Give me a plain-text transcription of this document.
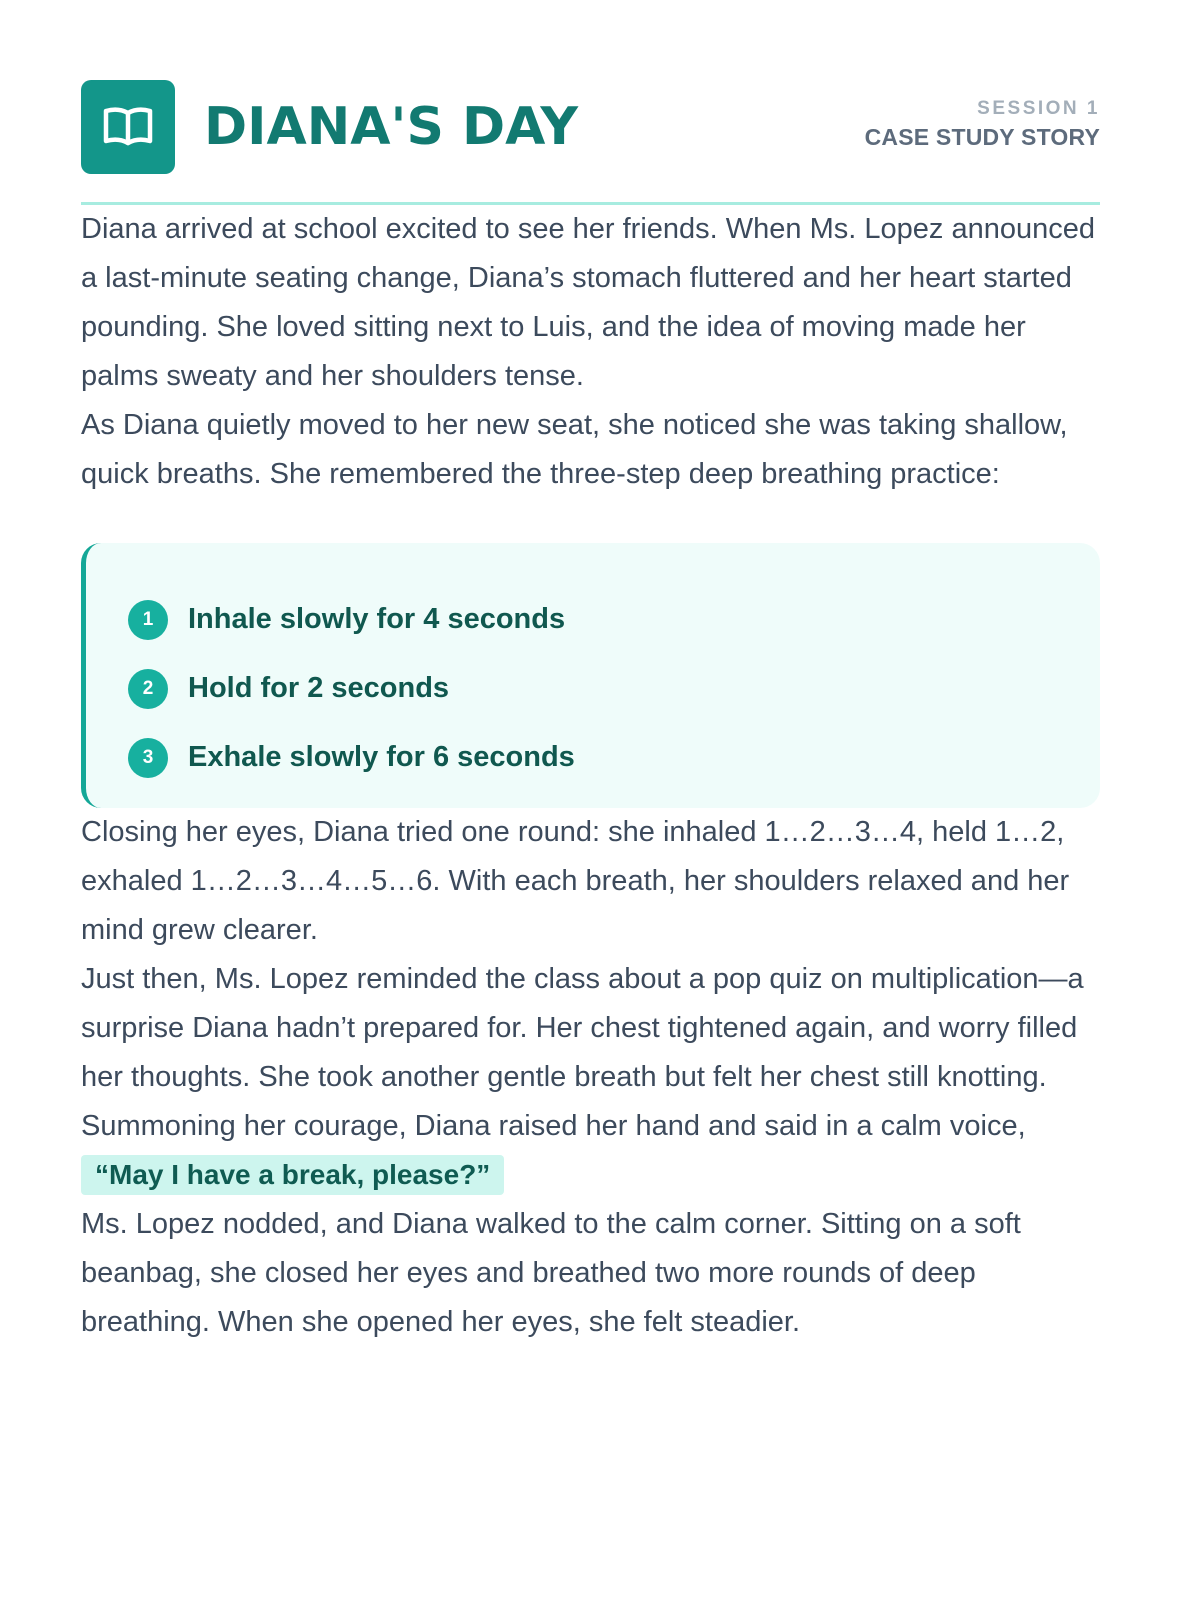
DIANA'S DAY	SESSION 1
CASE STUDY STORY

Diana arrived at school excited to see her friends. When Ms. Lopez announced a last-minute seating change, Diana’s stomach fluttered and her heart started pounding. She loved sitting next to Luis, and the idea of moving made her palms sweaty and her shoulders tense.

As Diana quietly moved to her new seat, she noticed she was taking shallow, quick breaths. She remembered the three-step deep breathing practice:

1	Inhale slowly for 4 seconds
2	Hold for 2 seconds
3	Exhale slowly for 6 seconds

Closing her eyes, Diana tried one round: she inhaled 1…2…3…4, held 1…2, exhaled 1…2…3…4…5…6. With each breath, her shoulders relaxed and her mind grew clearer.

Just then, Ms. Lopez reminded the class about a pop quiz on multiplication—a surprise Diana hadn’t prepared for. Her chest tightened again, and worry filled her thoughts. She took another gentle breath but felt her chest still knotting. Summoning her courage, Diana raised her hand and said in a calm voice,
“May I have a break, please?”

Ms. Lopez nodded, and Diana walked to the calm corner. Sitting on a soft beanbag, she closed her eyes and breathed two more rounds of deep breathing. When she opened her eyes, she felt steadier.
